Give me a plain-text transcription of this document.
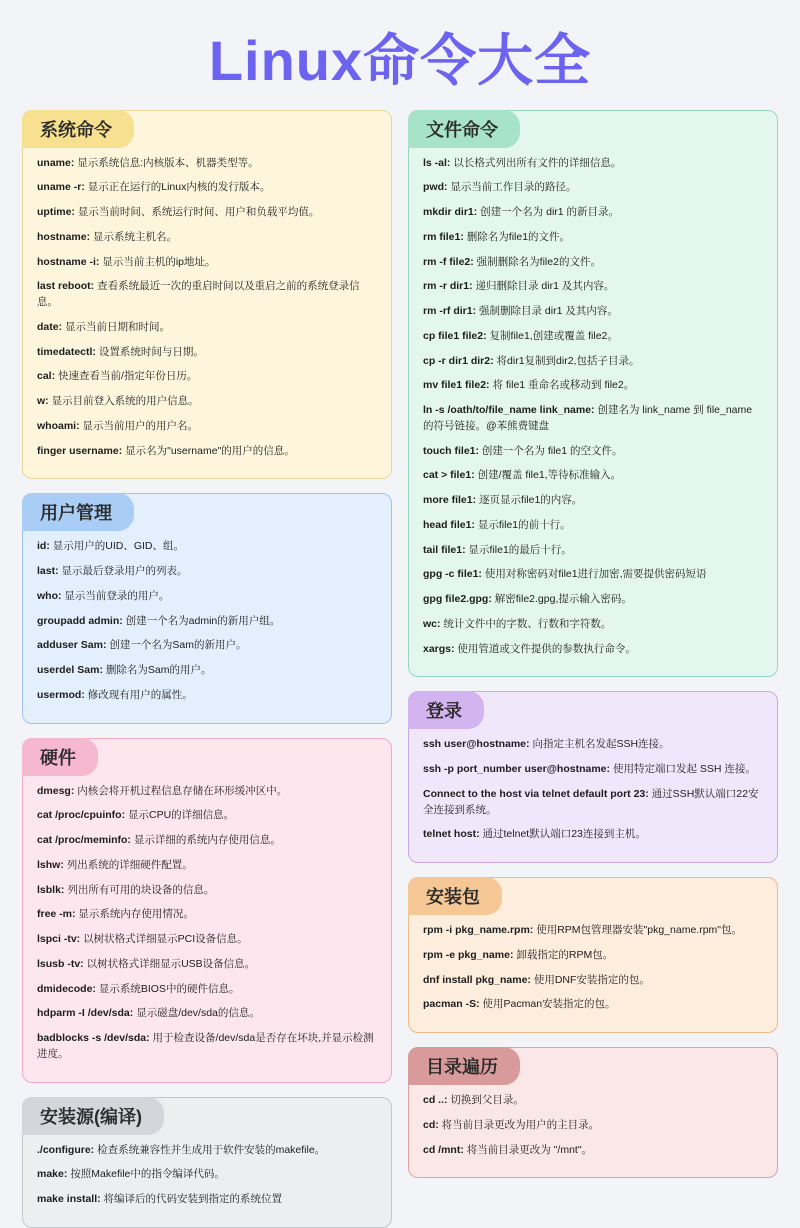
Linux命令大全
系统命令
uname: 显示系统信息:内核版本、机器类型等。
uname -r: 显示正在运行的Linux内核的发行版本。
uptime: 显示当前时间、系统运行时间、用户和负载平均值。
hostname: 显示系统主机名。
hostname -i: 显示当前主机的ip地址。
last reboot: 查看系统最近一次的重启时间以及重启之前的系统登录信息。
date: 显示当前日期和时间。
timedatectl: 设置系统时间与日期。
cal: 快速查看当前/指定年份日历。
w: 显示目前登入系统的用户信息。
whoami: 显示当前用户的用户名。
finger username: 显示名为"username"的用户的信息。
用户管理
id: 显示用户的UID、GID、组。
last: 显示最后登录用户的列表。
who: 显示当前登录的用户。
groupadd admin: 创建一个名为admin的新用户组。
adduser Sam: 创建一个名为Sam的新用户。
userdel Sam: 删除名为Sam的用户。
usermod: 修改现有用户的属性。
硬件
dmesg: 内核会将开机过程信息存储在环形缓冲区中。
cat /proc/cpuinfo: 显示CPU的详细信息。
cat /proc/meminfo: 显示详细的系统内存使用信息。
lshw: 列出系统的详细硬件配置。
lsblk: 列出所有可用的块设备的信息。
free -m: 显示系统内存使用情况。
lspci -tv: 以树状格式详细显示PCI设备信息。
lsusb -tv: 以树状格式详细显示USB设备信息。
dmidecode: 显示系统BIOS中的硬件信息。
hdparm -I /dev/sda: 显示磁盘/dev/sda的信息。
badblocks -s /dev/sda: 用于检查设备/dev/sda是否存在坏块,并显示检测进度。
安装源(编译)
./configure: 检查系统兼容性并生成用于软件安装的makefile。
make: 按照Makefile中的指令编译代码。
make install: 将编译后的代码安装到指定的系统位置
文件命令
ls -al: 以长格式列出所有文件的详细信息。
pwd: 显示当前工作目录的路径。
mkdir dir1: 创建一个名为 dir1 的新目录。
rm file1: 删除名为file1的文件。
rm -f file2: 强制删除名为file2的文件。
rm -r dir1: 递归删除目录 dir1 及其内容。
rm -rf dir1: 强制删除目录 dir1 及其内容。
cp file1 file2: 复制file1,创建或覆盖 file2。
cp -r dir1 dir2: 将dir1复制到dir2,包括子目录。
mv file1 file2: 将 file1 重命名或移动到 file2。
ln -s /oath/to/file_name link_name: 创建名为 link_name 到 file_name 的符号链接。@苯熊费键盘
touch file1: 创建一个名为 file1 的空文件。
cat > file1: 创建/覆盖 file1,等待标准输入。
more file1: 逐页显示file1的内容。
head file1: 显示file1的前十行。
tail file1: 显示file1的最后十行。
gpg -c file1: 使用对称密码对file1进行加密,需要提供密码短语
gpg file2.gpg: 解密file2.gpg,提示输入密码。
wc: 统计文件中的字数、行数和字符数。
xargs: 使用管道或文件提供的参数执行命令。
登录
ssh user@hostname: 向指定主机名发起SSH连接。
ssh -p port_number user@hostname: 使用特定端口发起 SSH 连接。
Connect to the host via telnet default port 23: 通过SSH默认端口22安全连接到系统。
telnet host: 通过telnet默认端口23连接到主机。
安装包
rpm -i pkg_name.rpm: 使用RPM包管理器安装"pkg_name.rpm"包。
rpm -e pkg_name: 卸载指定的RPM包。
dnf install pkg_name: 使用DNF安装指定的包。
pacman -S: 使用Pacman安装指定的包。
目录遍历
cd ..: 切换到父目录。
cd: 将当前目录更改为用户的主目录。
cd /mnt: 将当前目录更改为 "/mnt"。
